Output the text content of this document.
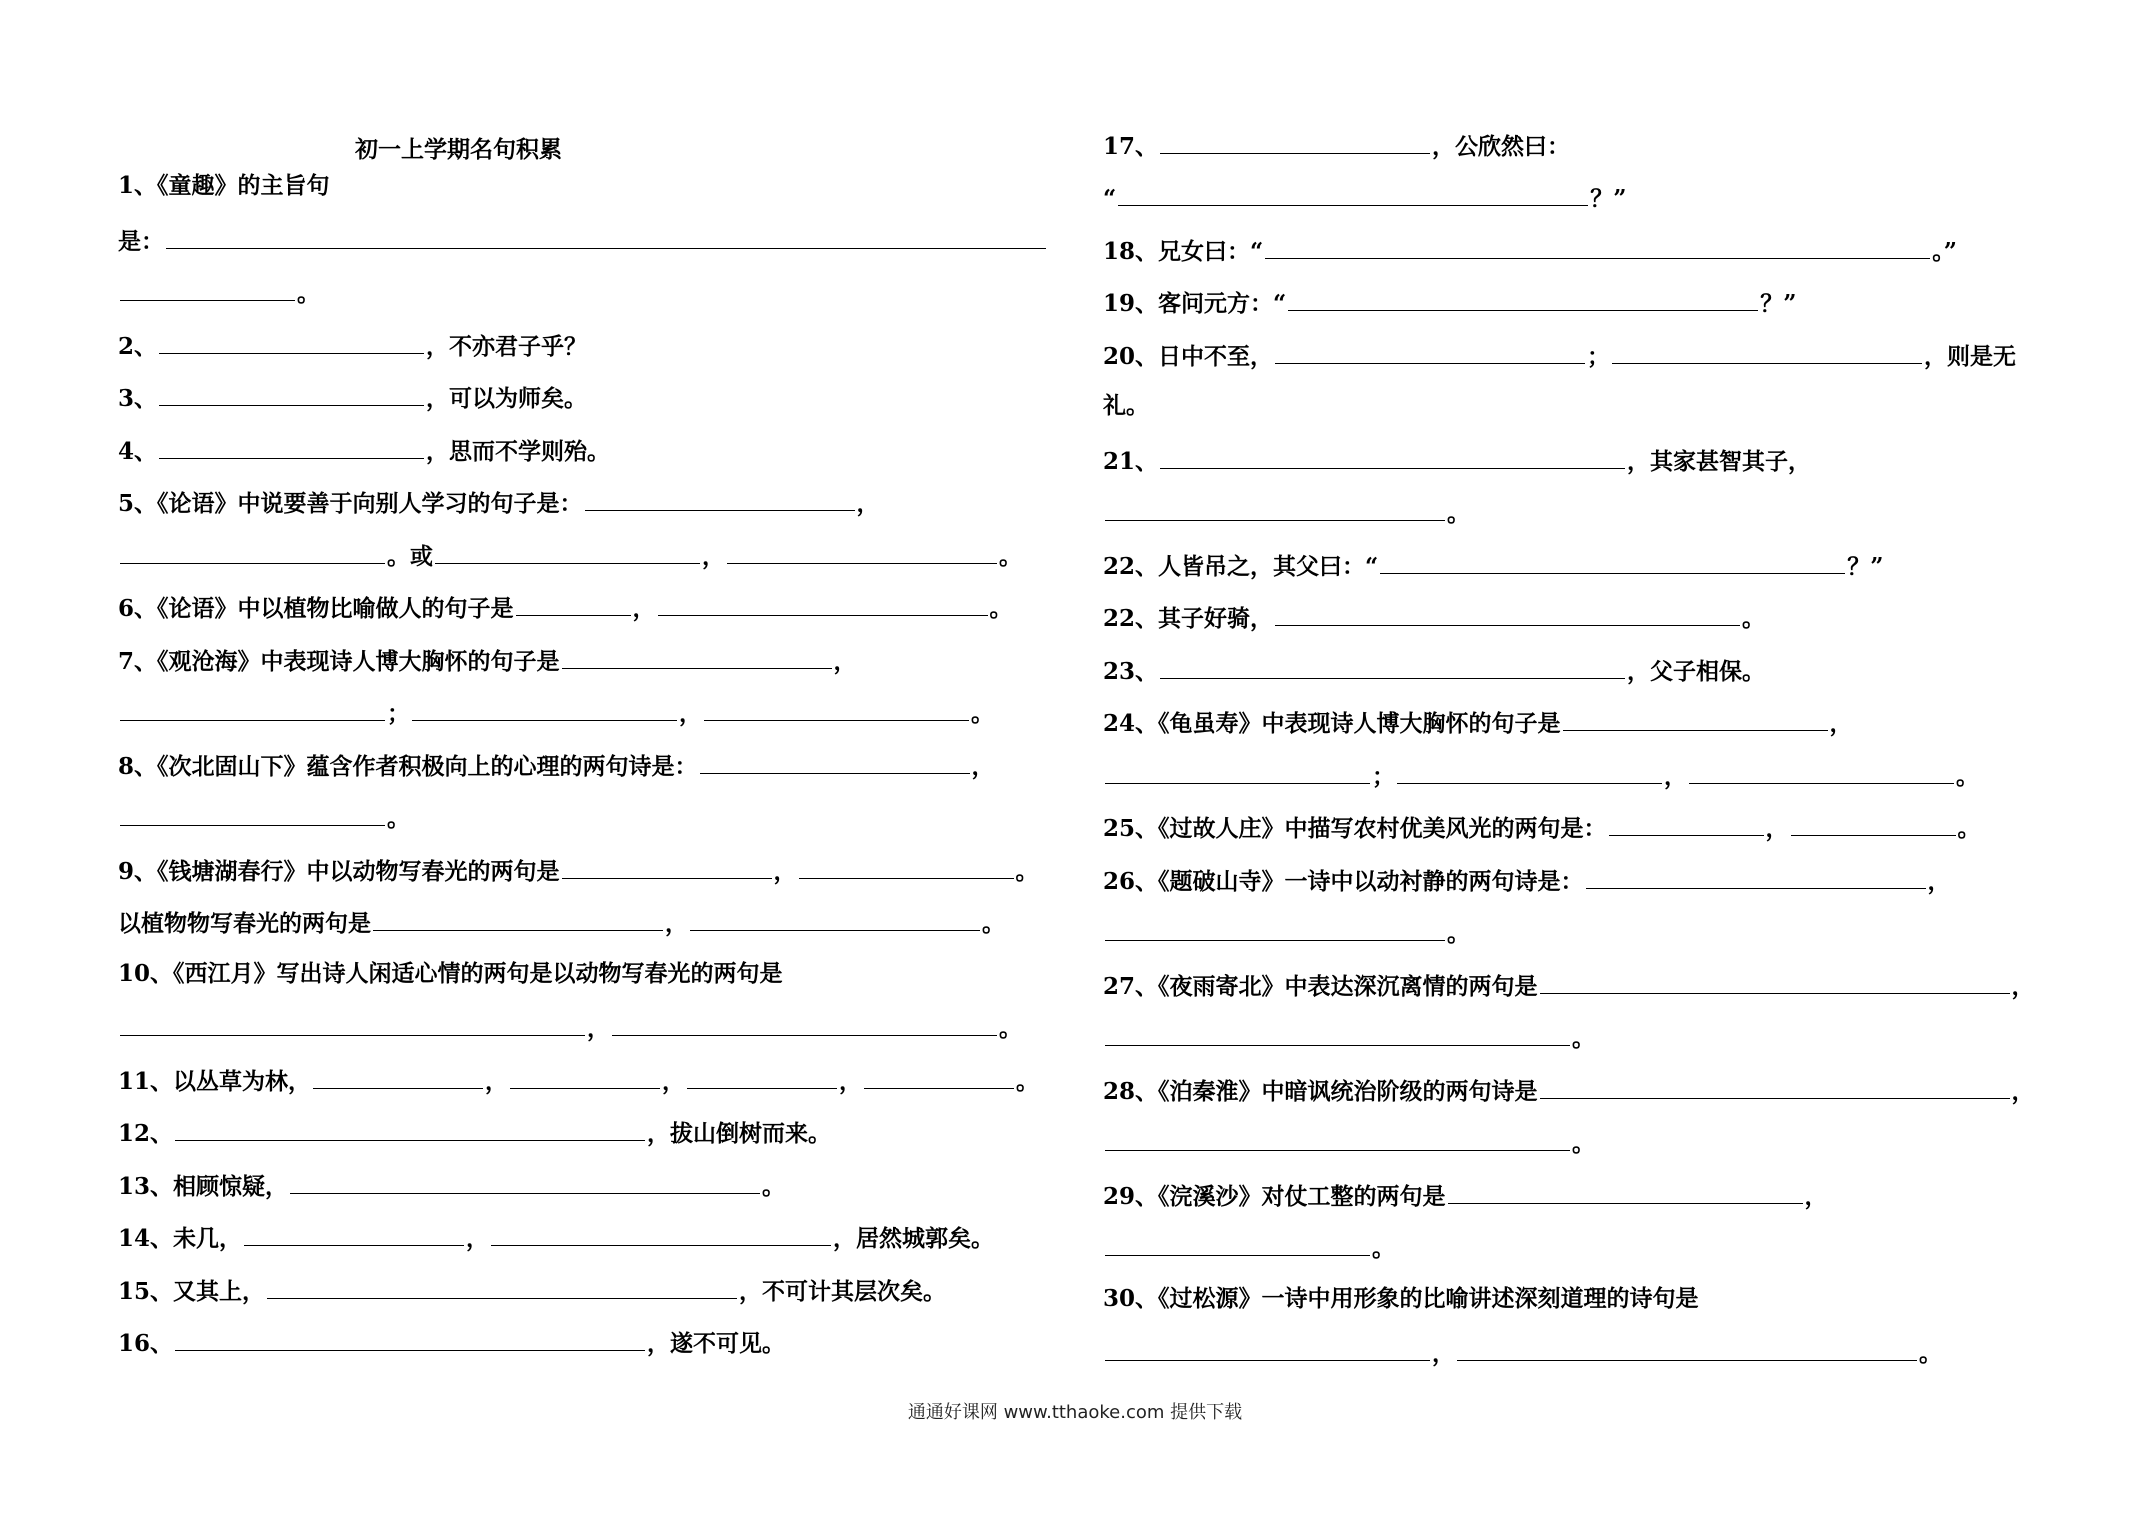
初一上学期名句积累
1、《童趣》的主旨句
是：
。
2、	，不亦君子乎？
3、	，可以为师矣。
4、	，思而不学则殆。
5、《论语》中说要善于向别人学习的句子是：	，
。或	，	。
6、《论语》中以植物比喻做人的句子是	，	。
7、《观沧海》中表现诗人博大胸怀的句子是	，
；	，	。
8、《次北固山下》蕴含作者积极向上的心理的两句诗是：	，
。
9、《钱塘湖春行》中以动物写春光的两句是	，	。
以植物物写春光的两句是	，	。
10、《西江月》写出诗人闲适心情的两句是以动物写春光的两句是
，	。
11、以丛草为林，	，	，	，	。
12、	，拔山倒树而来。
13、相顾惊疑，	。
14、未几，	，	，居然城郭矣。
15、又其上，	，不可计其层次矣。
16、	，遂不可见。
17、	，公欣然曰：
“	？”
18、兄女曰：“	。”
19、客问元方：“	？”
20、日中不至，	；	，则是无
礼。
21、	，其家甚智其子，
。
22、人皆吊之，其父曰：“	？”
22、其子好骑，	。
23、	，父子相保。
24、《龟虽寿》中表现诗人博大胸怀的句子是	，
；	，	。
25、《过故人庄》中描写农村优美风光的两句是：	，	。
26、《题破山寺》一诗中以动衬静的两句诗是：	，
。
27、《夜雨寄北》中表达深沉离情的两句是	，
。
28、《泊秦淮》中暗讽统治阶级的两句诗是	，
。
29、《浣溪沙》对仗工整的两句是	，
。
30、《过松源》一诗中用形象的比喻讲述深刻道理的诗句是
，	。
通通好课网 www.tthaoke.com 提供下载
